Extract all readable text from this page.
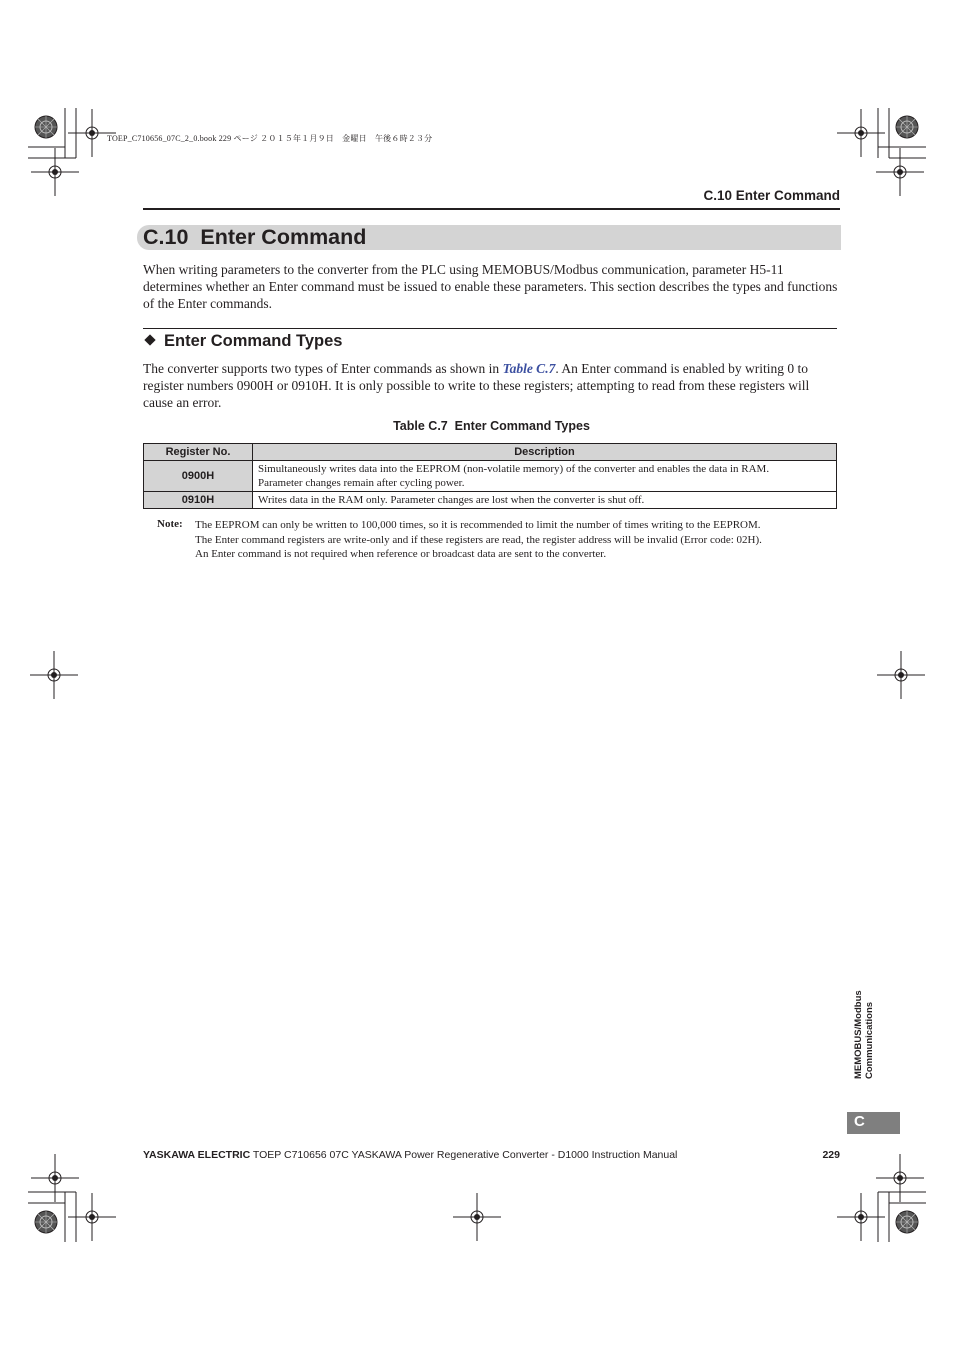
TOEP_C710656_07C_2_0.book 229 ページ ２０１５年１月９日　金曜日　午後６時２３分
C.10 Enter Command
C.10  Enter Command
When writing parameters to the converter from the PLC using MEMOBUS/Modbus communication, parameter H5-11 determines whether an Enter command must be issued to enable these parameters. This section describes the types and functions of the Enter commands.
Enter Command Types
The converter supports two types of Enter commands as shown in Table C.7. An Enter command is enabled by writing 0 to register numbers 0900H or 0910H. It is only possible to write to these registers; attempting to read from these registers will cause an error.
Table C.7  Enter Command Types
Register No.	Description
0900H	Simultaneously writes data into the EEPROM (non-volatile memory) of the converter and enables the data in RAM.
Parameter changes remain after cycling power.

0910H	Writes data in the RAM only. Parameter changes are lost when the converter is shut off.
Note: The EEPROM can only be written to 100,000 times, so it is recommended to limit the number of times writing to the EEPROM.
The Enter command registers are write-only and if these registers are read, the register address will be invalid (Error code: 02H).
An Enter command is not required when reference or broadcast data are sent to the converter.
MEMOBUS/Modbus Communications
C
YASKAWA ELECTRIC TOEP C710656 07C YASKAWA Power Regenerative Converter - D1000 Instruction Manual	229
